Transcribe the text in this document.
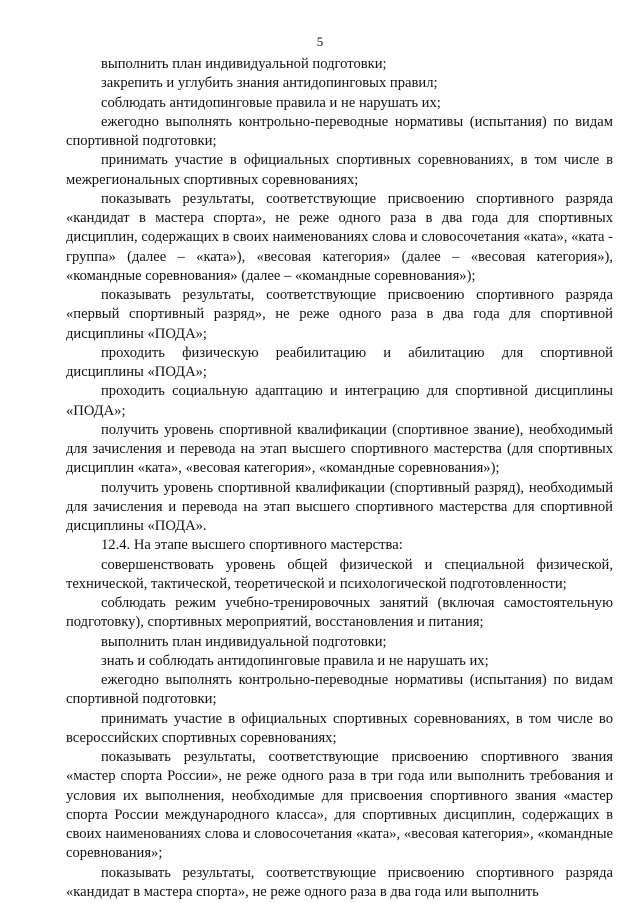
5

выполнить план индивидуальной подготовки;

закрепить и углубить знания антидопинговых правил;

соблюдать антидопинговые правила и не нарушать их;

ежегодно выполнять контрольно-переводные нормативы (испытания) по видам спортивной подготовки;

принимать участие в официальных спортивных соревнованиях, в том числе в межрегиональных спортивных соревнованиях;

показывать результаты, соответствующие присвоению спортивного разряда «кандидат в мастера спорта», не реже одного раза в два года для спортивных дисциплин, содержащих в своих наименованиях слова и словосочетания «ката», «ката - группа» (далее – «ката»), «весовая категория» (далее – «весовая категория»), «командные соревнования» (далее – «командные соревнования»);

показывать результаты, соответствующие присвоению спортивного разряда «первый спортивный разряд», не реже одного раза в два года для спортивной дисциплины «ПОДА»;

проходить физическую реабилитацию и абилитацию для спортивной дисциплины «ПОДА»;

проходить социальную адаптацию и интеграцию для спортивной дисциплины «ПОДА»;

получить уровень спортивной квалификации (спортивное звание), необходимый для зачисления и перевода на этап высшего спортивного мастерства (для спортивных дисциплин «ката», «весовая категория», «командные соревнования»);

получить уровень спортивной квалификации (спортивный разряд), необходимый для зачисления и перевода на этап высшего спортивного мастерства для спортивной дисциплины «ПОДА».

12.4. На этапе высшего спортивного мастерства:

совершенствовать уровень общей физической и специальной физической, технической, тактической, теоретической и психологической подготовленности;

соблюдать режим учебно-тренировочных занятий (включая самостоятельную подготовку), спортивных мероприятий, восстановления и питания;

выполнить план индивидуальной подготовки;

знать и соблюдать антидопинговые правила и не нарушать их;

ежегодно выполнять контрольно-переводные нормативы (испытания) по видам спортивной подготовки;

принимать участие в официальных спортивных соревнованиях, в том числе во всероссийских спортивных соревнованиях;

показывать результаты, соответствующие присвоению спортивного звания «мастер спорта России», не реже одного раза в три года или выполнить требования и условия их выполнения, необходимые для присвоения спортивного звания «мастер спорта России международного класса», для спортивных дисциплин, содержащих в своих наименованиях слова и словосочетания «ката», «весовая категория», «командные соревнования»;

показывать результаты, соответствующие присвоению спортивного разряда «кандидат в мастера спорта», не реже одного раза в два года или выполнить
